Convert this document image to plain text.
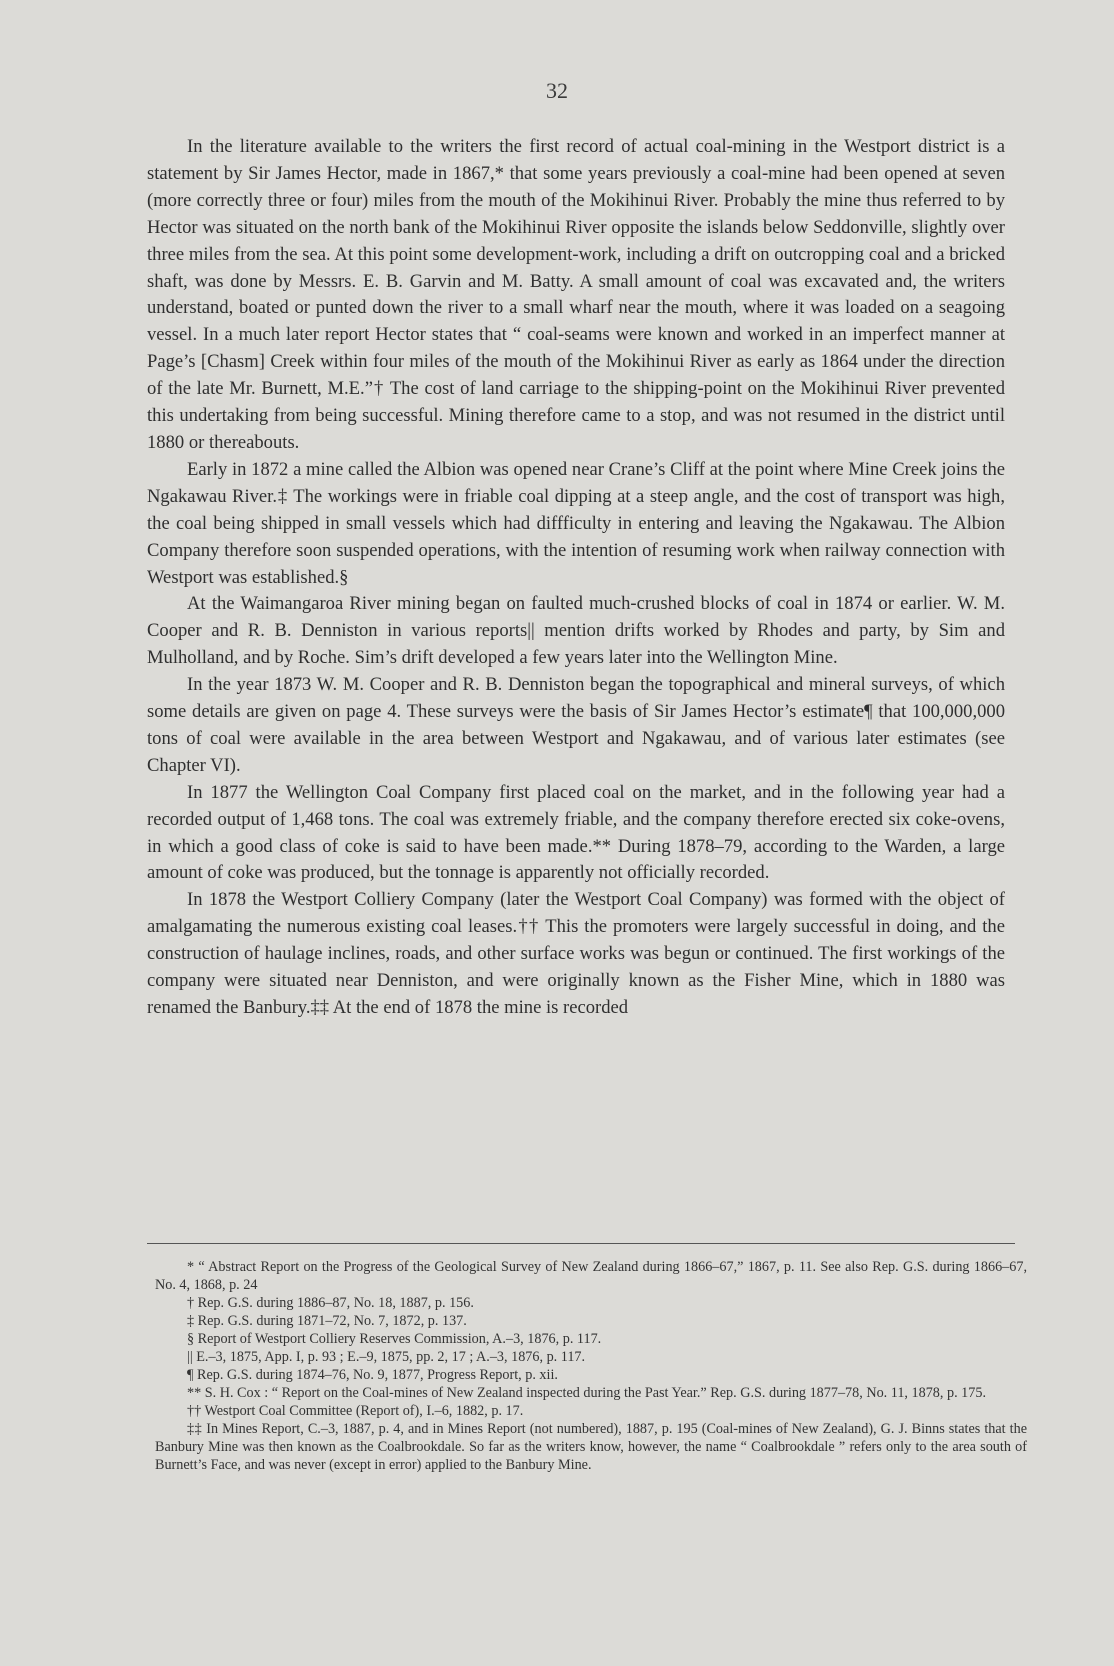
32

In the literature available to the writers the first record of actual coal-mining in the Westport district is a statement by Sir James Hector, made in 1867,* that some years previously a coal-mine had been opened at seven (more correctly three or four) miles from the mouth of the Mokihinui River. Probably the mine thus referred to by Hector was situated on the north bank of the Mokihinui River opposite the islands below Seddonville, slightly over three miles from the sea. At this point some development-work, including a drift on outcropping coal and a bricked shaft, was done by Messrs. E. B. Garvin and M. Batty. A small amount of coal was excavated and, the writers understand, boated or punted down the river to a small wharf near the mouth, where it was loaded on a seagoing vessel. In a much later report Hector states that “ coal-seams were known and worked in an imperfect manner at Page’s [Chasm] Creek within four miles of the mouth of the Mokihinui River as early as 1864 under the direction of the late Mr. Burnett, M.E.”† The cost of land carriage to the shipping-point on the Mokihinui River prevented this undertaking from being successful. Mining therefore came to a stop, and was not resumed in the district until 1880 or thereabouts.

Early in 1872 a mine called the Albion was opened near Crane’s Cliff at the point where Mine Creek joins the Ngakawau River.‡ The workings were in friable coal dipping at a steep angle, and the cost of transport was high, the coal being shipped in small vessels which had diffficulty in entering and leaving the Ngakawau. The Albion Company therefore soon suspended operations, with the intention of resuming work when railway connection with Westport was established.§

At the Waimangaroa River mining began on faulted much-crushed blocks of coal in 1874 or earlier. W. M. Cooper and R. B. Denniston in various reports|| mention drifts worked by Rhodes and party, by Sim and Mulholland, and by Roche. Sim’s drift developed a few years later into the Wellington Mine.

In the year 1873 W. M. Cooper and R. B. Denniston began the topographical and mineral surveys, of which some details are given on page 4. These surveys were the basis of Sir James Hector’s estimate¶ that 100,000,000 tons of coal were available in the area between Westport and Ngakawau, and of various later estimates (see Chapter VI).

In 1877 the Wellington Coal Company first placed coal on the market, and in the following year had a recorded output of 1,468 tons. The coal was extremely friable, and the company therefore erected six coke-ovens, in which a good class of coke is said to have been made.** During 1878–79, according to the Warden, a large amount of coke was produced, but the tonnage is apparently not officially recorded.

In 1878 the Westport Colliery Company (later the Westport Coal Company) was formed with the object of amalgamating the numerous existing coal leases.†† This the promoters were largely successful in doing, and the construction of haulage inclines, roads, and other surface works was begun or continued. The first workings of the company were situated near Denniston, and were originally known as the Fisher Mine, which in 1880 was renamed the Banbury.‡‡ At the end of 1878 the mine is recorded

* “ Abstract Report on the Progress of the Geological Survey of New Zealand during 1866–67,” 1867, p. 11. See also Rep. G.S. during 1866–67, No. 4, 1868, p. 24

† Rep. G.S. during 1886–87, No. 18, 1887, p. 156.

‡ Rep. G.S. during 1871–72, No. 7, 1872, p. 137.

§ Report of Westport Colliery Reserves Commission, A.–3, 1876, p. 117.

|| E.–3, 1875, App. I, p. 93 ; E.–9, 1875, pp. 2, 17 ; A.–3, 1876, p. 117.

¶ Rep. G.S. during 1874–76, No. 9, 1877, Progress Report, p. xii.

** S. H. Cox : “ Report on the Coal-mines of New Zealand inspected during the Past Year.” Rep. G.S. during 1877–78, No. 11, 1878, p. 175.

†† Westport Coal Committee (Report of), I.–6, 1882, p. 17.

‡‡ In Mines Report, C.–3, 1887, p. 4, and in Mines Report (not numbered), 1887, p. 195 (Coal-mines of New Zealand), G. J. Binns states that the Banbury Mine was then known as the Coalbrookdale. So far as the writers know, however, the name “ Coalbrookdale ” refers only to the area south of Burnett’s Face, and was never (except in error) applied to the Banbury Mine.
